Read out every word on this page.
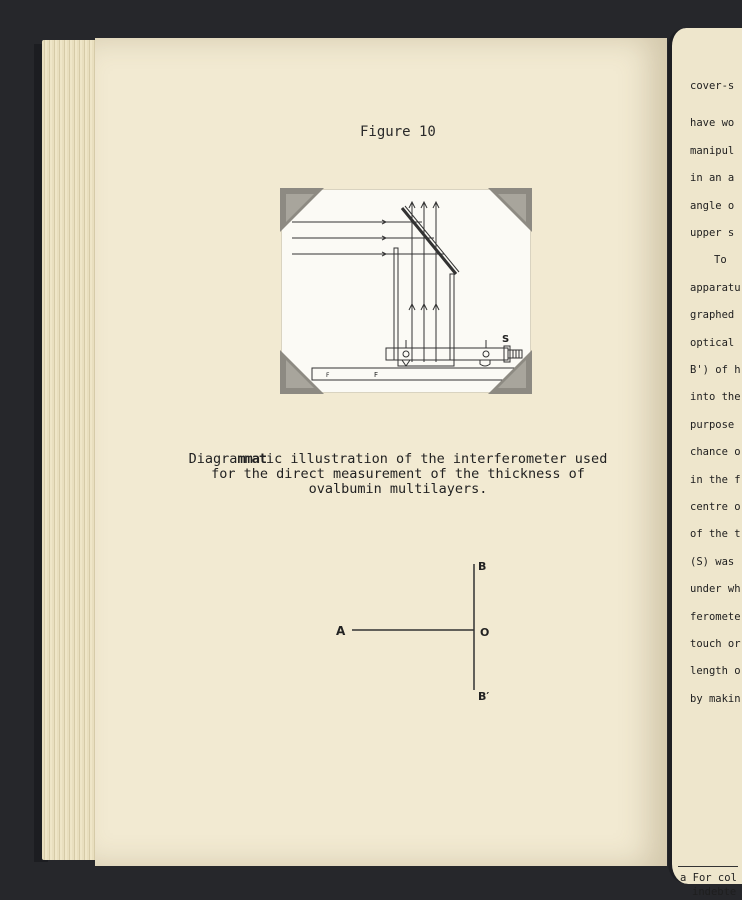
Figure 10
S
F	F
Diagrammatic illustration of the interferometer used
for the direct measurement of the thickness of
ovalbumin multilayers.
A	O
B
B′
cover-s
have wo
manipul
in an a
angle o
upper s
To
apparatu
graphed
optical
B') of h
into the
purpose
chance o
in the f
centre o
of the t
(S) was
under wh
feromete
touch or
length o
by makin
a For col
indebte
